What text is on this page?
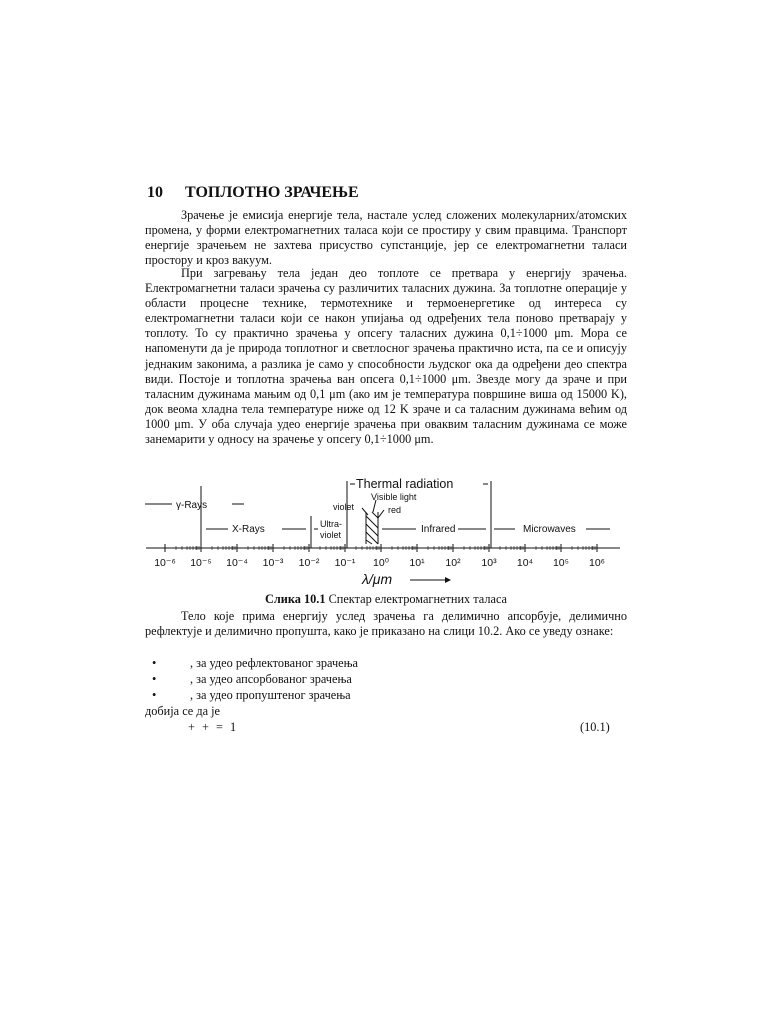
10 ТОПЛОТНО ЗРАЧЕЊЕ

Зрачење је емисија енергије тела, настале услед сложених молекуларних/атомских промена, у форми електромагнетних таласа који се простиру у свим правцима. Транспорт енергије зрачењем не захтева присуство супстанције, јер се електромагнетни таласи простору и кроз вакуум.

При загревању тела један део топлоте се претвара у енергију зрачења. Електромагнетни таласи зрачења су различитих таласних дужина. За топлотне операције у области процесне технике, термотехнике и термоенергетике од интереса су електромагнетни таласи који се након упијања од одређених тела поново претварају у топлоту. То су практично зрачења у опсегу таласних дужина 0,1÷1000 μm. Мора се напоменути да је природа топлотног и светлосног зрачења практично иста, па се и описују једнаким законима, а разлика је само у способности људског ока да одређени део спектра види. Постоје и топлотна зрачења ван опсега 0,1÷1000 μm. Звезде могу да зраче и при таласним дужинама мањим од 0,1 μm (ако им је температура површине виша од 15000 K), док веома хладна тела температуре ниже од 12 K зраче и са таласним дужинама већим од 1000 μm. У оба случаја удео енергије зрачења при оваквим таласним дужинама се може занемарити у односу на зрачење у опсегу 0,1÷1000 μm.

10⁻⁶ 10⁻⁵ 10⁻⁴ 10⁻³ 10⁻² 10⁻¹ 10⁰ 10¹ 10² 10³ 10⁴ 10⁵ 10⁶
Thermal radiation
γ-Rays
X-Rays	Ultra-
violet
violet
Visible light
red
Infrared	Microwaves
λ/μm
Слика 10.1 Спектар електромагнетних таласа

Тело које прима енергију услед зрачења га делимично апсорбује, делимично рефлектује и делимично пропушта, како је приказано на слици 10.2. Ако се уведу ознаке:

•	, за удео рефлектованог зрачења
•	, за удео апсорбованог зрачења
•	, за удео пропуштеног зрачења
добија се да је
+ + = 1	(10.1)
